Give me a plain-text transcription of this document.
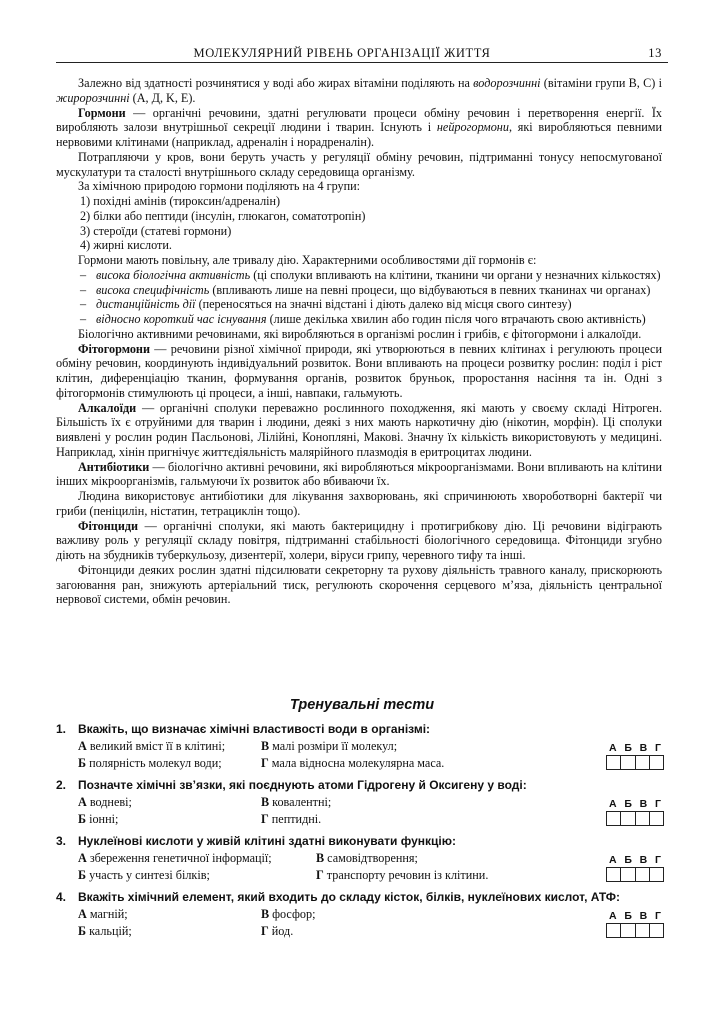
МОЛЕКУЛЯРНИЙ РІВЕНЬ ОРГАНІЗАЦІЇ ЖИТТЯ	13

Залежно від здатності розчинятися у воді або жирах вітаміни поділяють на водорозчинні (вітаміни групи B, C) і жиророзчинні (A, Д, K, E).

Гормони — органічні речовини, здатні регулювати процеси обміну речовин і перетворення енергії. Їх виробляють залози внутрішньої секреції людини і тварин. Існують і нейрогормони, які виробляються певними нервовими клітинами (наприклад, адреналін і норадреналін).

Потрапляючи у кров, вони беруть участь у регуляції обміну речовин, підтриманні тонусу непосмугованої мускулатури та сталості внутрішнього складу середовища організму.

За хімічною природою гормони поділяють на 4 групи:

1) похідні амінів (тироксин/адреналін)

2) білки або пептиди (інсулін, глюкагон, соматотропін)

3) стероїди (статеві гормони)

4) жирні кислоти.

Гормони мають повільну, але тривалу дію. Характерними особливостями дії гормонів є:

– висока біологічна активність (ці сполуки впливають на клітини, тканини чи органи у незначних кількостях)

– висока специфічність (впливають лише на певні процеси, що відбуваються в певних тканинах чи органах)

– дистанційність дії (переносяться на значні відстані і діють далеко від місця свого синтезу)

– відносно короткий час існування (лише декілька хвилин або годин після чого втрачають свою активність)

Біологічно активними речовинами, які виробляються в організмі рослин і грибів, є фітогормони і алкалоїди.

Фітогормони — речовини різної хімічної природи, які утворюються в певних клітинах і регулюють процеси обміну речовин, координують індивідуальний розвиток. Вони впливають на процеси розвитку рослин: поділ і ріст клітин, диференціацію тканин, формування органів, розвиток бруньок, проростання насіння та ін. Одні з фітогормонів стимулюють ці процеси, а інші, навпаки, гальмують.

Алкалоїди — органічні сполуки переважно рослинного походження, які мають у своєму складі Нітроген. Більшість їх є отруйними для тварин і людини, деякі з них мають наркотичну дію (нікотин, морфін). Ці сполуки виявлені у рослин родин Пасльонові, Лілійні, Конопляні, Макові. Значну їх кількість використовують у медицині. Наприклад, хінін пригнічує життєдіяльність малярійного плазмодія в еритроцитах людини.

Антибіотики — біологічно активні речовини, які виробляються мікроорганізмами. Вони впливають на клітини інших мікроорганізмів, гальмуючи їх розвиток або вбиваючи їх.

Людина використовує антибіотики для лікування захворювань, які спричинюють хвороботворні бактерії чи гриби (пеніцилін, ністатин, тетрациклін тощо).

Фітонциди — органічні сполуки, які мають бактерицидну і протигрибкову дію. Ці речовини відіграють важливу роль у регуляції складу повітря, підтриманні стабільності біологічного середовища. Фітонциди згубно діють на збудників туберкульозу, дизентерії, холери, віруси грипу, черевного тифу та інші.

Фітонциди деяких рослин здатні підсилювати секреторну та рухову діяльність травного каналу, прискорюють загоювання ран, знижують артеріальний тиск, регулюють скорочення серцевого м’яза, діяльність центральної нервової системи, обмін речовин.

Тренувальні тести
1. Вкажіть, що визначає хімічні властивості води в організмі:
А великий вміст її в клітині;	В малі розміри її молекул;
Б полярність молекул води;	Г мала відносна молекулярна маса.
А Б В Г
2. Позначте хімічні зв’язки, які поєднують атоми Гідрогену й Оксигену у воді:
А водневі;	В ковалентні;
Б іонні;	Г пептидні.
А Б В Г
3. Нуклеїнові кислоти у живій клітині здатні виконувати функцію:
А збереження генетичної інформації;	В самовідтворення;
Б участь у синтезі білків;	Г транспорту речовин із клітини.
А Б В Г
4. Вкажіть хімічний елемент, який входить до складу кісток, білків, нуклеїнових кислот, АТФ:
А магній;	В фосфор;
Б кальцій;	Г йод.
А Б В Г
